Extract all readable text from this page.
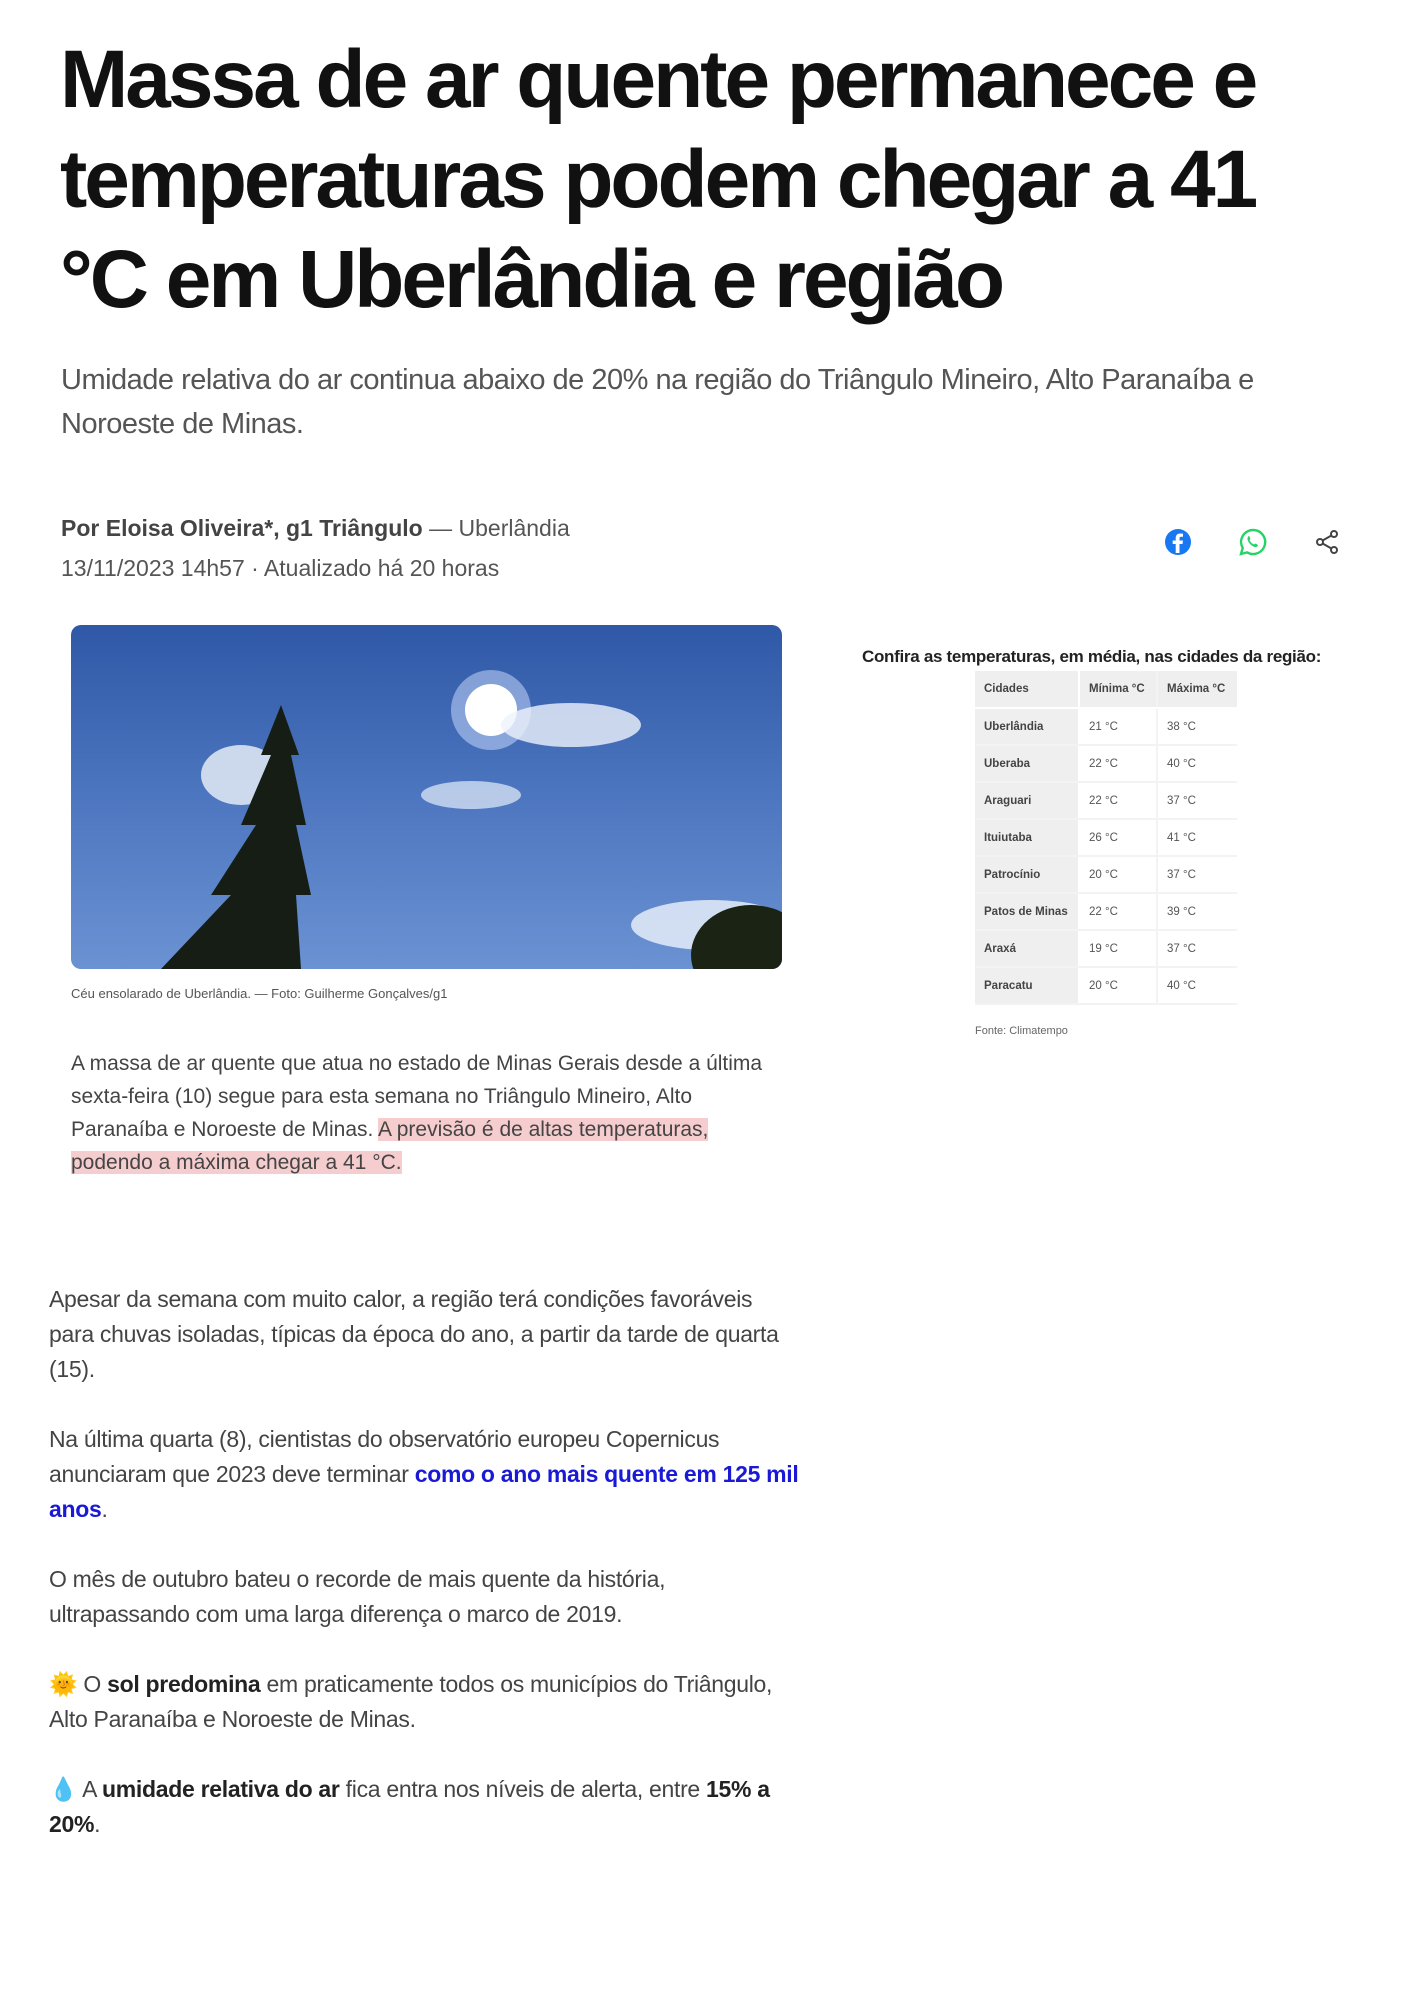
Massa de ar quente permanece e temperaturas podem chegar a 41 °C em Uberlândia e região
Umidade relativa do ar continua abaixo de 20% na região do Triângulo Mineiro, Alto Paranaíba e Noroeste de Minas.
Por Eloisa Oliveira*, g1 Triângulo — Uberlândia
13/11/2023 14h57 · Atualizado há 20 horas
Céu ensolarado de Uberlândia. — Foto: Guilherme Gonçalves/g1
A massa de ar quente que atua no estado de Minas Gerais desde a última sexta-feira (10) segue para esta semana no Triângulo Mineiro, Alto Paranaíba e Noroeste de Minas. A previsão é de altas temperaturas, podendo a máxima chegar a 41 °C.
Confira as temperaturas, em média, nas cidades da região:
Cidades	Mínima °C	Máxima °C
Uberlândia	21 °C	38 °C
Uberaba	22 °C	40 °C
Araguari	22 °C	37 °C
Ituiutaba	26 °C	41 °C
Patrocínio	20 °C	37 °C
Patos de Minas	22 °C	39 °C
Araxá	19 °C	37 °C
Paracatu	20 °C	40 °C
Fonte: Climatempo

Apesar da semana com muito calor, a região terá condições favoráveis para chuvas isoladas, típicas da época do ano, a partir da tarde de quarta (15).

Na última quarta (8), cientistas do observatório europeu Copernicus anunciaram que 2023 deve terminar como o ano mais quente em 125 mil anos.

O mês de outubro bateu o recorde de mais quente da história, ultrapassando com uma larga diferença o marco de 2019.

🌞 O sol predomina em praticamente todos os municípios do Triângulo, Alto Paranaíba e Noroeste de Minas.

💧 A umidade relativa do ar fica entra nos níveis de alerta, entre 15% a 20%.
